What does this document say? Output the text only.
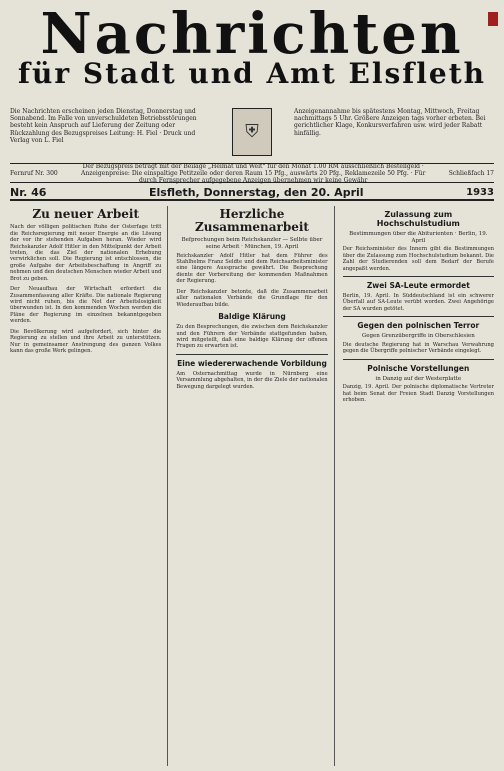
Nachrichten
für Stadt und Amt Elsfleth

Die Nachrichten erscheinen jeden Dienstag, Donnerstag und Sonnabend. Im Falle von unverschuldeten Betriebsstörungen besteht kein Anspruch auf Lieferung der Zeitung oder Rückzahlung des Bezugspreises Leitung: H. Fiel · Druck und Verlag von L. Fiel	⛨

Anzeigenannahme bis spätestens Montag, Mittwoch, Freitag nachmittags 5 Uhr. Größere Anzeigen tags vorher erbeten. Bei gerichtlicher Klage, Konkursverfahren usw. wird jeder Rabatt hinfällig.

Fernruf Nr. 300
Der Bezugspreis beträgt mit der Beilage „Heimat und Welt“ für den Monat 1.00 RM ausschließlich Bestellgeld · Anzeigenpreise: Die einspaltige Petitzeile oder deren Raum 15 Pfg., auswärts 20 Pfg., Reklamezeile 50 Pfg. · Für durch Fernsprecher aufgegebene Anzeigen übernehmen wir keine Gewähr
Schließfach 17
Nr. 46	Elsfleth, Donnerstag, den 20. April	1933
Zu neuer Arbeit

Nach der völligen politischen Ruhe der Osterfage tritt die Reichsregierung mit neuer Energie an die Lösung der vor ihr stehenden Aufgaben heran. Wieder wird Reichskanzler Adolf Hitler in den Mittelpunkt der Arbeit treten, die das Ziel der nationalen Erhebung verwirklichen soll. Die Regierung ist entschlossen, die große Aufgabe der Arbeitsbeschaffung in Angriff zu nehmen und den deutschen Menschen wieder Arbeit und Brot zu geben.

Der Neuaufbau der Wirtschaft erfordert die Zusammenfassung aller Kräfte. Die nationale Regierung wird nicht ruhen, bis die Not der Arbeitslosigkeit überwunden ist. In den kommenden Wochen werden die Pläne der Regierung im einzelnen bekanntgegeben werden.

Die Bevölkerung wird aufgefordert, sich hinter die Regierung zu stellen und ihre Arbeit zu unterstützen. Nur in gemeinsamer Anstrengung des ganzen Volkes kann das große Werk gelingen.

Herzliche Zusammenarbeit
Befprechungen beim Reichskanzler — Selbte über seine Arbeit · München, 19. April

Reichskanzler Adolf Hitler hat dem Führer des Stahlhelms Franz Seldte und dem Reichsarbeitsminister eine längere Aussprache gewährt. Die Besprechung diente der Vorbereitung der kommenden Maßnahmen der Regierung.

Der Reichskanzler betonte, daß die Zusammenarbeit aller nationalen Verbände die Grundlage für den Wiederaufbau bilde.

Baldige Klärung

Zu den Besprechungen, die zwischen dem Reichskanzler und den Führern der Verbände stattgefunden haben, wird mitgeteilt, daß eine baldige Klärung der offenen Fragen zu erwarten ist.

Eine wiedererwachende Vorbildung

Am Osternachmittag wurde in Nürnberg eine Versammlung abgehalten, in der die Ziele der nationalen Bewegung dargelegt wurden.

Zulassung zum Hochschulstudium
Bestimmungen über die Abiturienten · Berlin, 19. April

Der Reichsminister des Innern gibt die Bestimmungen über die Zulassung zum Hochschulstudium bekannt. Die Zahl der Studierenden soll dem Bedarf der Berufe angepaßt werden.

Zwei SA-Leute ermordet

Berlin, 19. April. In Süddeutschland ist ein schwerer Überfall auf SA-Leute verübt worden. Zwei Angehörige der SA wurden getötet.

Gegen den polnischen Terror
Gegen Grenzübergriffe in Oberschlesien

Die deutsche Regierung hat in Warschau Verwahrung gegen die Übergriffe polnischer Verbände eingelegt.

Polnische Vorstellungen
in Danzig auf der Westerplatte

Danzig, 19. April. Der polnische diplomatische Vertreter hat beim Senat der Freien Stadt Danzig Vorstellungen erhoben.
